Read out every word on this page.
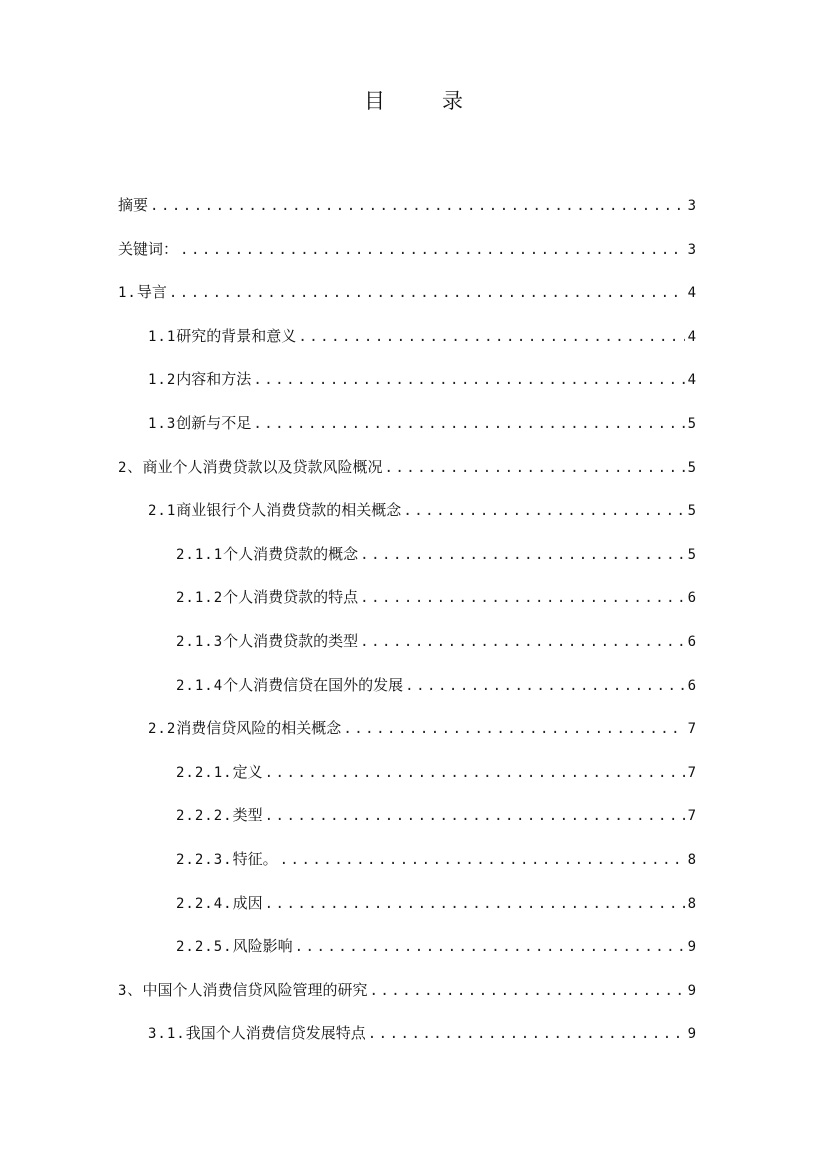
目　录
摘要 .....	3
关键词： .....	3
1.导言 .....	4
1.1研究的背景和意义 .....	4
1.2内容和方法 .....	4
1.3创新与不足 .....	5
2、商业个人消费贷款以及贷款风险概况 .....	5
2.1商业银行个人消费贷款的相关概念 .....	5
2.1.1个人消费贷款的概念 .....	5
2.1.2个人消费贷款的特点 .....	6
2.1.3个人消费贷款的类型 .....	6
2.1.4个人消费信贷在国外的发展 .....	6
2.2消费信贷风险的相关概念 .....	7
2.2.1.定义 .....	7
2.2.2.类型 .....	7
2.2.3.特征。 .....	8
2.2.4.成因 .....	8
2.2.5.风险影响 .....	9
3、中国个人消费信贷风险管理的研究 .....	9
3.1.我国个人消费信贷发展特点 .....	9
